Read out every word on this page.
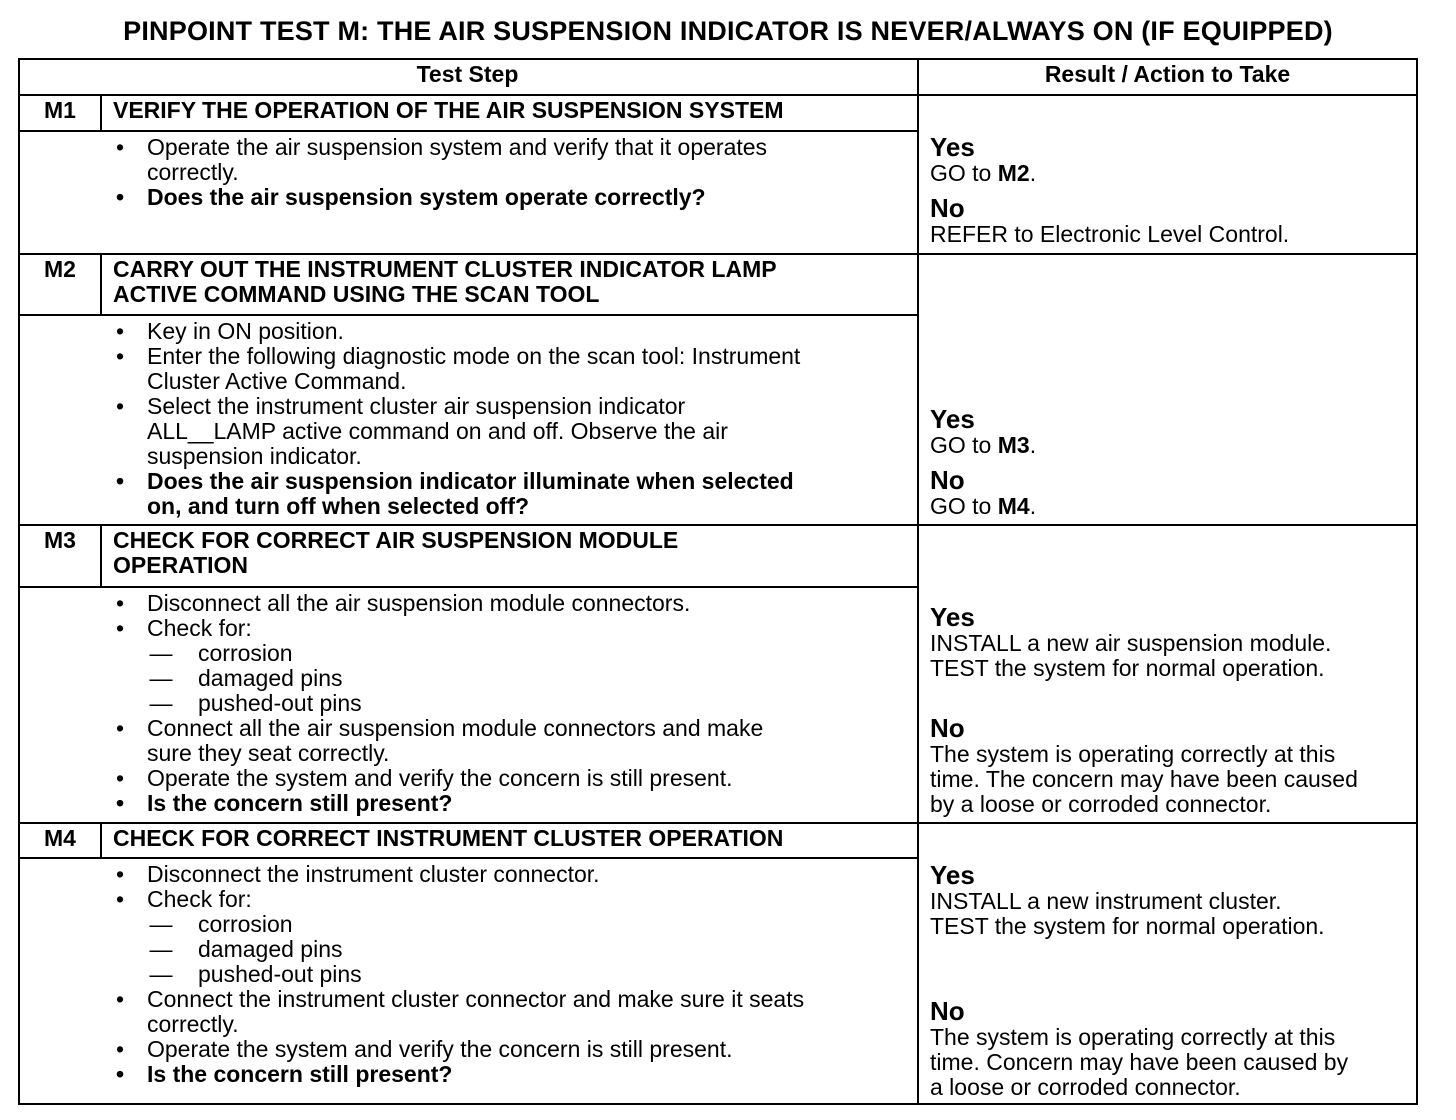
PINPOINT TEST M: THE AIR SUSPENSION INDICATOR IS NEVER/ALWAYS ON (IF EQUIPPED)
Test Step	Result / Action to Take
M1	VERIFY THE OPERATION OF THE AIR SUSPENSION SYSTEM
• Operate the air suspension system and verify that it operates
correctly.
• Does the air suspension system operate correctly?
Yes
GO to M2.
No
REFER to Electronic Level Control.
M2	CARRY OUT THE INSTRUMENT CLUSTER INDICATOR LAMP
ACTIVE COMMAND USING THE SCAN TOOL
• Key in ON position.
• Enter the following diagnostic mode on the scan tool: Instrument
Cluster Active Command.
• Select the instrument cluster air suspension indicator
ALL__LAMP active command on and off. Observe the air
suspension indicator.
• Does the air suspension indicator illuminate when selected
on, and turn off when selected off?
Yes
GO to M3.
No
GO to M4.
M3	CHECK FOR CORRECT AIR SUSPENSION MODULE
OPERATION
• Disconnect all the air suspension module connectors.
• Check for:
— corrosion
— damaged pins
— pushed-out pins
• Connect all the air suspension module connectors and make
sure they seat correctly.
• Operate the system and verify the concern is still present.
• Is the concern still present?
Yes
INSTALL a new air suspension module.
TEST the system for normal operation.
No
The system is operating correctly at this
time. The concern may have been caused
by a loose or corroded connector.
M4	CHECK FOR CORRECT INSTRUMENT CLUSTER OPERATION
• Disconnect the instrument cluster connector.
• Check for:
— corrosion
— damaged pins
— pushed-out pins
• Connect the instrument cluster connector and make sure it seats
correctly.
• Operate the system and verify the concern is still present.
• Is the concern still present?
Yes
INSTALL a new instrument cluster.
TEST the system for normal operation.
No
The system is operating correctly at this
time. Concern may have been caused by
a loose or corroded connector.
